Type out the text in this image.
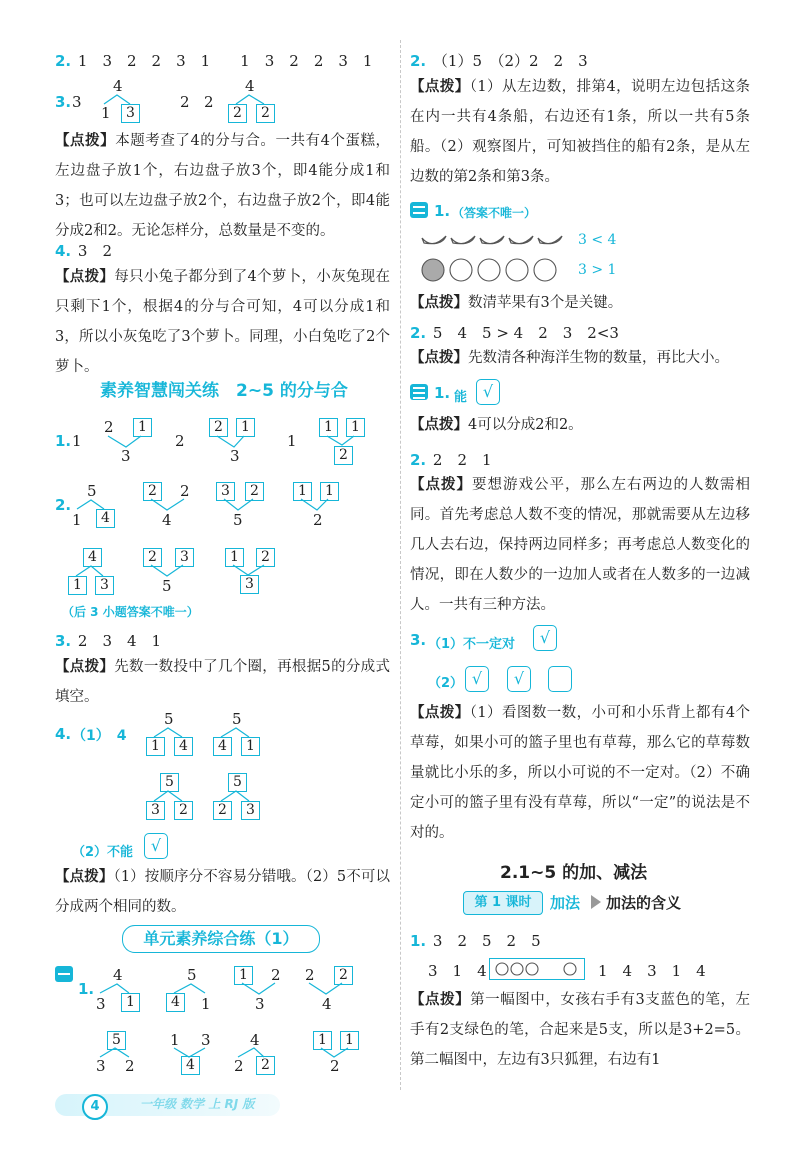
2. 1　3　2　2　3　1　　1　3　2　2　3　1
3. 3
4
1	3
2 2
4
2	2
【点拨】本题考查了4的分与合。一共有4个蛋糕，左边盘子放1个，右边盘子放3个，即4能分成1和3；也可以左边盘子放2个，右边盘子放2个，即4能分成2和2。无论怎样分，总数量是不变的。
4. 3　2
【点拨】每只小兔子都分到了4个萝卜，小灰兔现在只剩下1个，根据4的分与合可知，4可以分成1和3，所以小灰兔吃了3个萝卜。同理，小白兔吃了2个萝卜。
素养智慧闯关练　2~5 的分与合
1. 1
2	1
3
2
2	1
3
1
1	1
2
2.
5
1	4
2	2
4
3	2
5
1	1
2
4
1	3
2	3
5
1	2
3
（后 3 小题答案不唯一）
3. 2　3　4　1
【点拨】先数一数投中了几个圈，再根据5的分成式填空。
4. （1）　4
5
1	4
5
4	1
5
3	2
5
2	3
（2）不能	√
【点拨】（1）按顺序分不容易分错哦。（2）5不可以分成两个相同的数。
单元素养综合练（1）
1.
4
3	1
5
4	1
1	2
3
2	2
4
5
3 2
1 3
4
4
2	2
1	1
2
2. （1）5　（2）2　2　3
【点拨】（1）从左边数，排第4，说明左边包括这条在内一共有4条船，右边还有1条，所以一共有5条船。（2）观察图片，可知被挡住的船有2条，是从左边数的第2条和第3条。
1. （答案不唯一）
3 < 4
3 > 1
【点拨】数清苹果有3个是关键。
2. 5　4　5 > 4　2　3　2<3
【点拨】先数清各种海洋生物的数量，再比大小。
1. 能 √
【点拨】4可以分成2和2。
2. 2　2　1
【点拨】要想游戏公平，那么左右两边的人数需相同。首先考虑总人数不变的情况，那就需要从左边移几人去右边，保持两边同样多；再考虑总人数变化的情况，即在人数少的一边加人或者在人数多的一边减人。一共有三种方法。
3. （1）不一定对	√
（2） √	√
【点拨】（1）看图数一数，小可和小乐背上都有4个草莓，如果小可的篮子里也有草莓，那么它的草莓数量就比小乐的多，所以小可说的不一定对。（2）不确定小可的篮子里有没有草莓，所以“一定”的说法是不对的。
2.1~5 的加、减法
第 1 课时	加法 加法的含义
1. 3　2　5　2　5
3　1　4	1　4　3　1　4
【点拨】第一幅图中，女孩右手有3支蓝色的笔，左手有2支绿色的笔，合起来是5支，所以是3+2=5。第二幅图中，左边有3只狐狸，右边有1
4	一年级 数学 上 RJ 版
